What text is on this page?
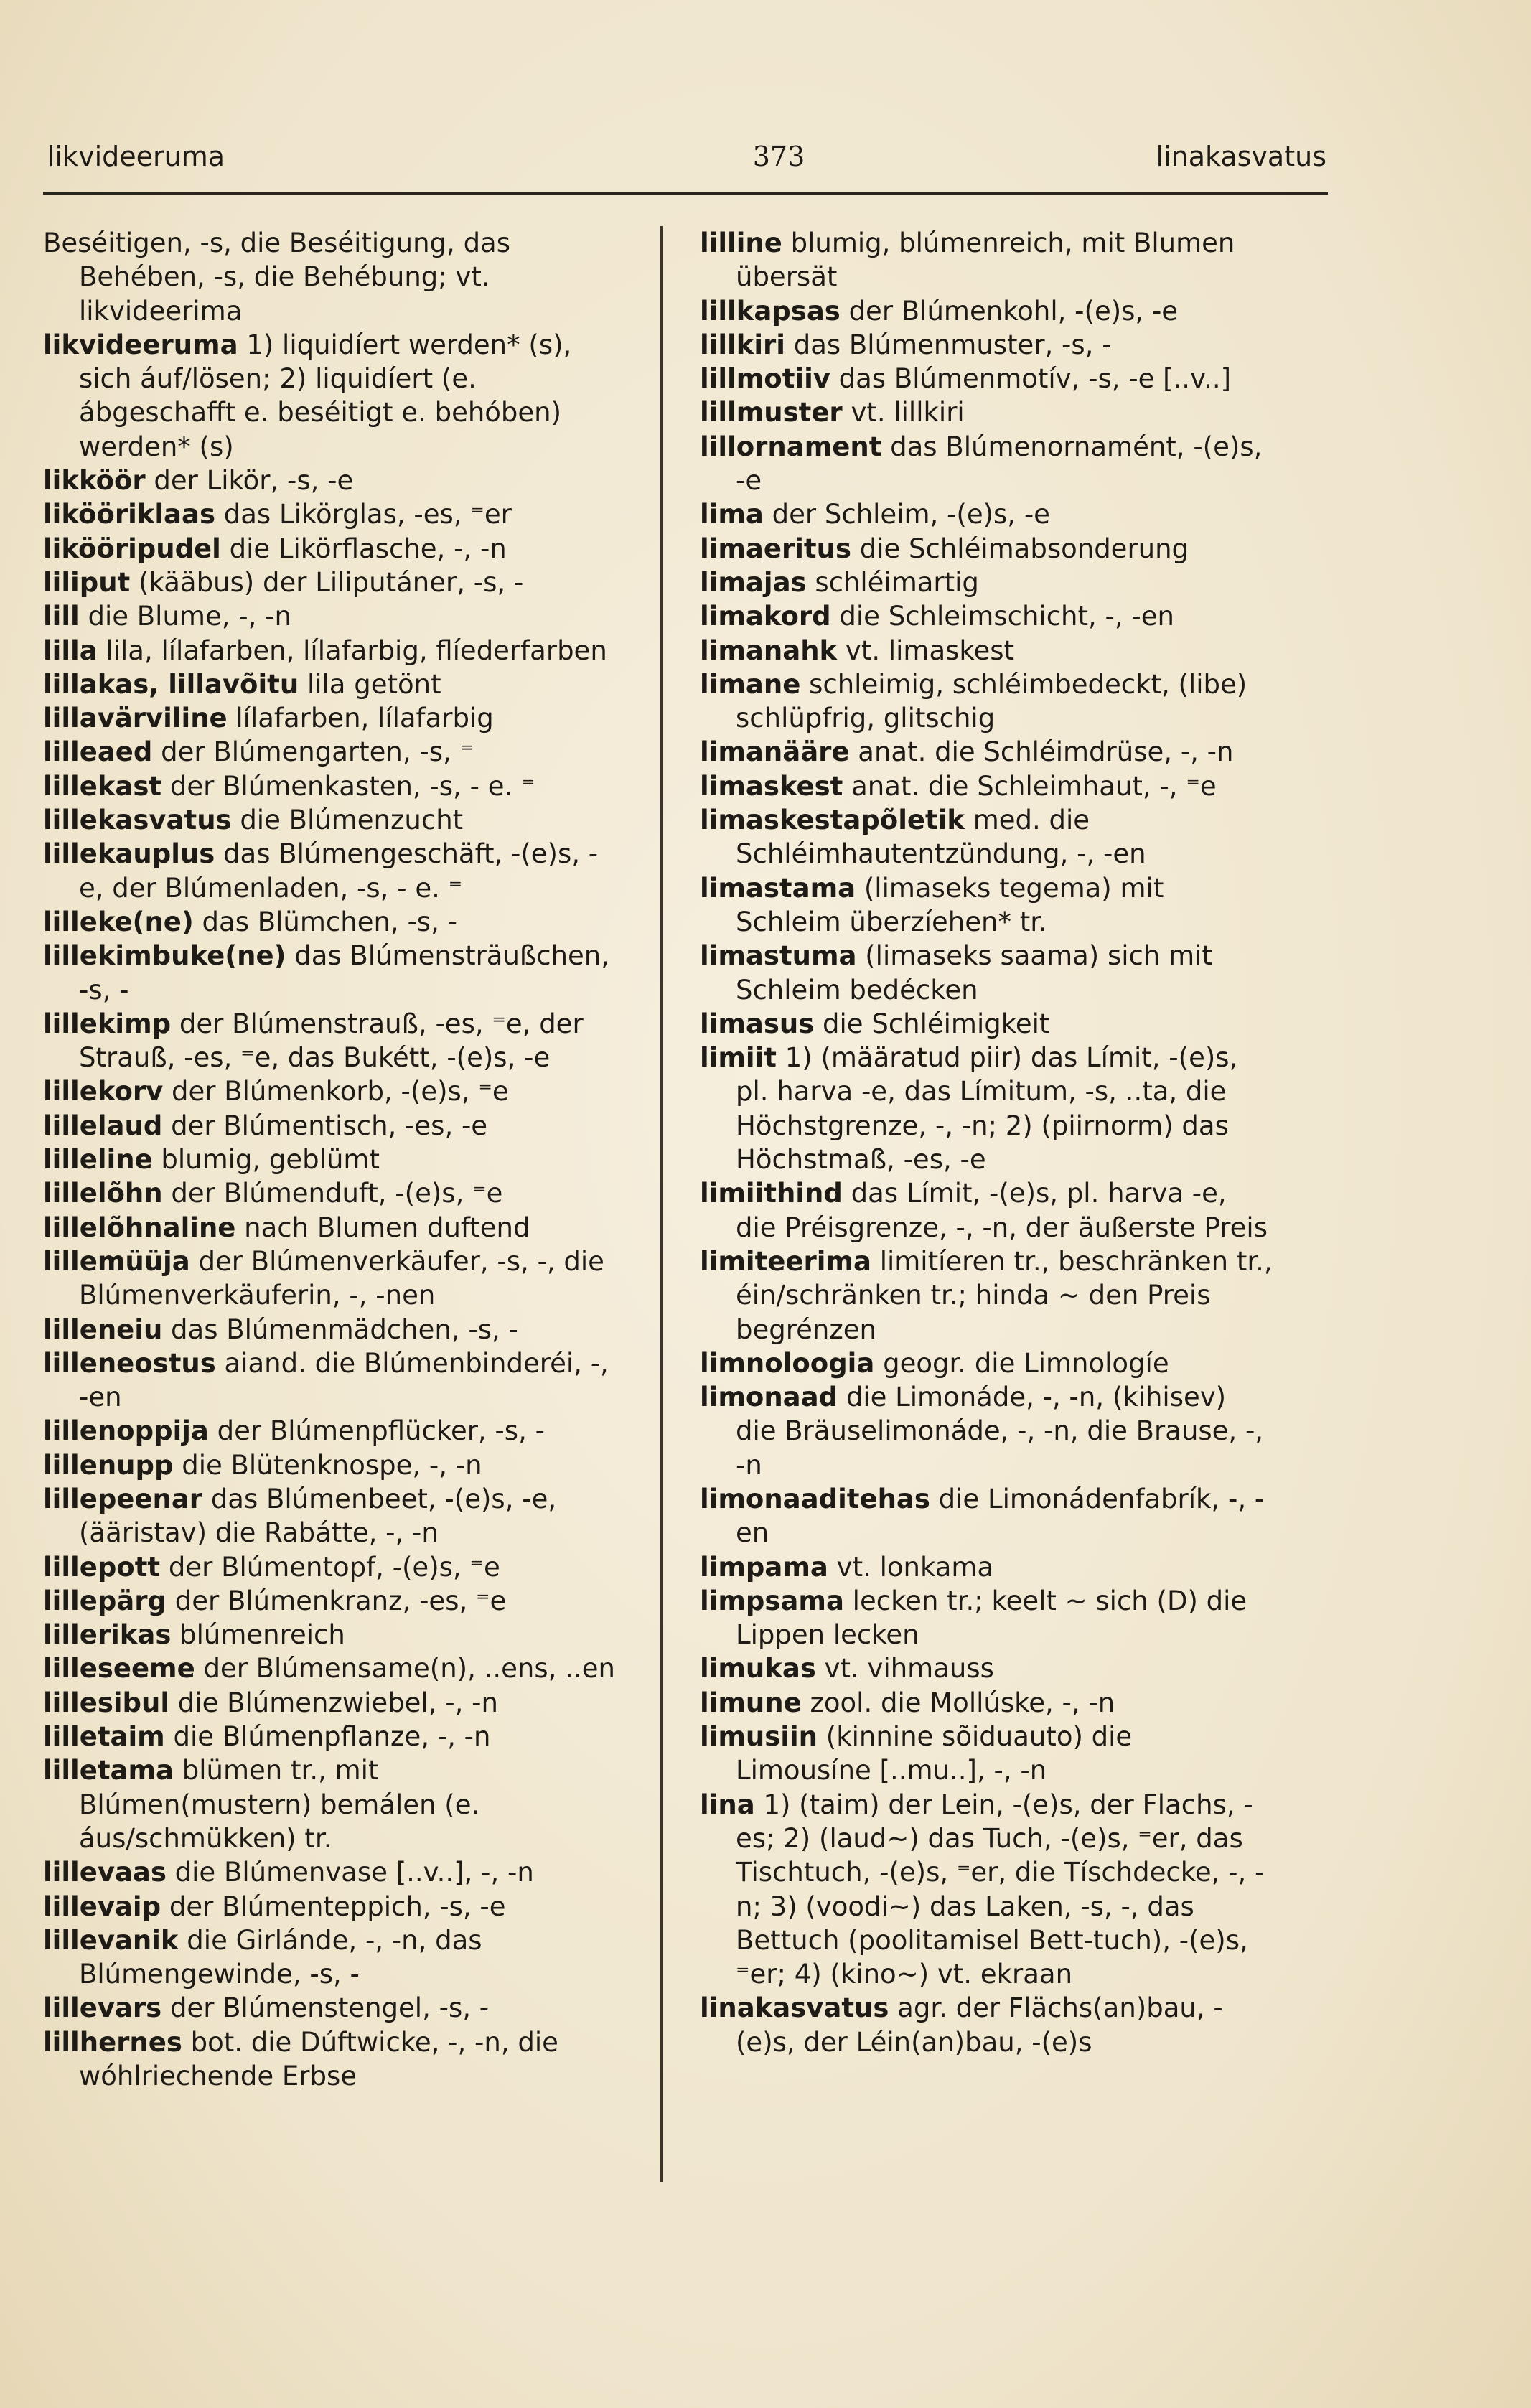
likvideeruma	373	linakasvatus

Beséitigen, -s, die Beséitigung, das Behében, -s, die Behébung; vt. likvideerima

likvideeruma 1) liquidíert werden* (s), sich áuf/lösen; 2) liquidíert (e. ábgeschafft e. beséitigt e. behóben) werden* (s)

likköör der Likör, -s, -e

likööriklaas das Likörglas, -es, ⁼er

likööripudel die Likörflasche, -, -n

liliput (kääbus) der Liliputáner, -s, -

lill die Blume, -, -n

lilla lila, lílafarben, lílafarbig, flíederfarben

lillakas, lillavõitu lila getönt

lillavärviline lílafarben, lílafarbig

lilleaed der Blúmengarten, -s, ⁼

lillekast der Blúmenkasten, -s, - e. ⁼

lillekasvatus die Blúmenzucht

lillekauplus das Blúmengeschäft, -(e)s, -e, der Blúmenladen, -s, - e. ⁼

lilleke(ne) das Blümchen, -s, -

lillekimbuke(ne) das Blúmensträußchen, -s, -

lillekimp der Blúmenstrauß, -es, ⁼e, der Strauß, -es, ⁼e, das Bukétt, -(e)s, -e

lillekorv der Blúmenkorb, -(e)s, ⁼e

lillelaud der Blúmentisch, -es, -e

lilleline blumig, geblümt

lillelõhn der Blúmenduft, -(e)s, ⁼e

lillelõhnaline nach Blumen duftend

lillemüüja der Blúmenverkäufer, -s, -, die Blúmenverkäuferin, -, -nen

lilleneiu das Blúmenmädchen, -s, -

lilleneostus aiand. die Blúmenbinderéi, -, -en

lillenoppija der Blúmenpflücker, -s, -

lillenupp die Blütenknospe, -, -n

lillepeenar das Blúmenbeet, -(e)s, -e, (ääristav) die Rabátte, -, -n

lillepott der Blúmentopf, -(e)s, ⁼e

lillepärg der Blúmenkranz, -es, ⁼e

lillerikas blúmenreich

lilleseeme der Blúmensame(n), ..ens, ..en

lillesibul die Blúmenzwiebel, -, -n

lilletaim die Blúmenpflanze, -, -n

lilletama blümen tr., mit Blúmen(mustern) bemálen (e. áus/schmükken) tr.

lillevaas die Blúmenvase [..v..], -, -n

lillevaip der Blúmenteppich, -s, -e

lillevanik die Girlánde, -, -n, das Blúmengewinde, -s, -

lillevars der Blúmenstengel, -s, -

lillhernes bot. die Dúftwicke, -, -n, die wóhlriechende Erbse

lilline blumig, blúmenreich, mit Blumen übersät

lillkapsas der Blúmenkohl, -(e)s, -e

lillkiri das Blúmenmuster, -s, -

lillmotiiv das Blúmenmotív, -s, -e [..v..]

lillmuster vt. lillkiri

lillornament das Blúmenornamént, -(e)s, -e

lima der Schleim, -(e)s, -e

limaeritus die Schléimabsonderung

limajas schléimartig

limakord die Schleimschicht, -, -en

limanahk vt. limaskest

limane schleimig, schléimbedeckt, (libe) schlüpfrig, glitschig

limanääre anat. die Schléimdrüse, -, -n

limaskest anat. die Schleimhaut, -, ⁼e

limaskestapõletik med. die Schléimhautentzündung, -, -en

limastama (limaseks tegema) mit Schleim überzíehen* tr.

limastuma (limaseks saama) sich mit Schleim bedécken

limasus die Schléimigkeit

limiit 1) (määratud piir) das Límit, -(e)s, pl. harva -e, das Límitum, -s, ..ta, die Höchstgrenze, -, -n; 2) (piirnorm) das Höchstmaß, -es, -e

limiithind das Límit, -(e)s, pl. harva -e, die Préisgrenze, -, -n, der äußerste Preis

limiteerima limitíeren tr., beschränken tr., éin/schränken tr.; hinda ~ den Preis begrénzen

limnoloogia geogr. die Limnologíe

limonaad die Limonáde, -, -n, (kihisev) die Bräuselimonáde, -, -n, die Brause, -, -n

limonaaditehas die Limonádenfabrík, -, -en

limpama vt. lonkama

limpsama lecken tr.; keelt ~ sich (D) die Lippen lecken

limukas vt. vihmauss

limune zool. die Mollúske, -, -n

limusiin (kinnine sõiduauto) die Limousíne [..mu..], -, -n

lina 1) (taim) der Lein, -(e)s, der Flachs, -es; 2) (laud~) das Tuch, -(e)s, ⁼er, das Tischtuch, -(e)s, ⁼er, die Tíschdecke, -, -n; 3) (voodi~) das Laken, -s, -, das Bettuch (poolitamisel Bett-tuch), -(e)s, ⁼er; 4) (kino~) vt. ekraan

linakasvatus agr. der Flächs(an)bau, -(e)s, der Léin(an)bau, -(e)s
